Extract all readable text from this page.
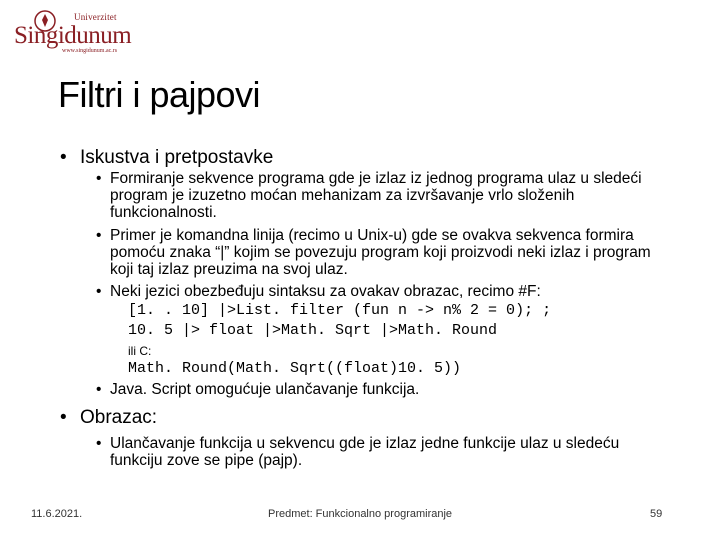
Univerzitet
Singidunum
www.singidunum.ac.rs
Filtri i pajpovi
• Iskustva i pretpostavke
• Formiranje sekvence programa gde je izlaz iz jednog programa ulaz u sledeći program je izuzetno moćan mehanizam za izvršavanje vrlo složenih funkcionalnosti.
• Primer je komandna linija (recimo u Unix-u) gde se ovakva sekvenca formira pomoću znaka “|” kojim se povezuju program koji proizvodi neki izlaz i program koji taj izlaz preuzima na svoj ulaz.
• Neki jezici obezbeđuju sintaksu za ovakav obrazac, recimo #F:
[1. . 10] |>List. filter (fun n -> n% 2 = 0); ;
10. 5 |> float |>Math. Sqrt |>Math. Round
ili C:
Math. Round(Math. Sqrt((float)10. 5))
• Java. Script omogućuje ulančavanje funkcija.
• Obrazac:
• Ulančavanje funkcija u sekvencu gde je izlaz jedne funkcije ulaz u sledeću funkciju zove se pipe (pajp).
11.6.2021.	Predmet: Funkcionalno programiranje	59
